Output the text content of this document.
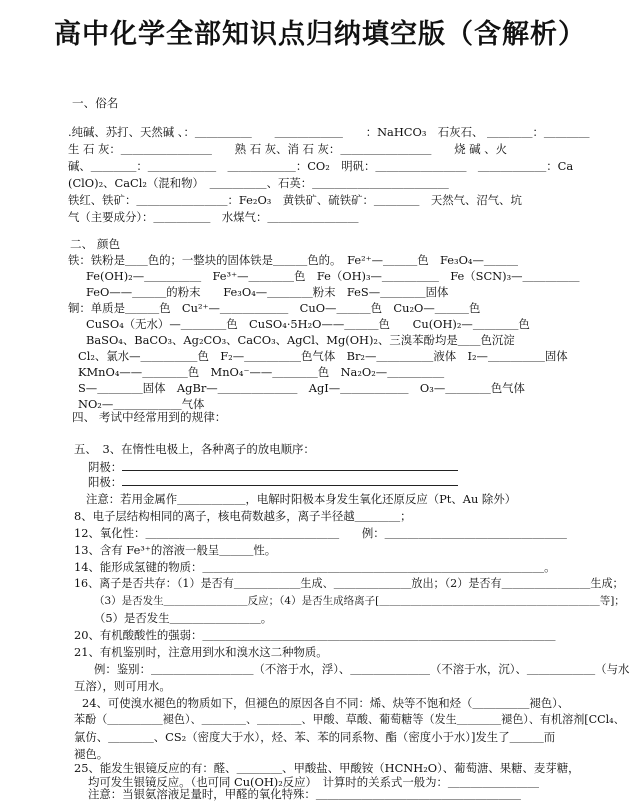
高中化学全部知识点归纳填空版（含解析）
一、俗名
.纯碱、苏打、天然碱 、：＿＿＿＿＿　　＿＿＿＿＿＿　　：NaHCO₃　石灰石、 ＿＿＿＿：＿＿＿＿
生 石 灰：＿＿＿＿＿＿＿＿　　熟 石 灰、消 石 灰：＿＿＿＿＿＿＿＿　　烧 碱 、火
碱、＿＿＿＿：＿＿＿＿＿＿　＿＿＿＿＿＿：CO₂　明矾：＿＿＿＿＿＿＿＿　＿＿＿＿＿＿：Ca
(ClO)₂、CaCl₂（混和物）　＿＿＿＿＿、石英：＿＿＿＿＿＿＿＿＿＿＿＿
铁红、铁矿：＿＿＿＿＿＿＿＿：Fe₂O₃　黄铁矿、硫铁矿：＿＿＿＿　天然气、沼气、坑
气（主要成分）：＿＿＿＿＿　水煤气：＿＿＿＿＿＿＿＿
二、 颜色
铁：铁粉是＿＿色的；一整块的固体铁是＿＿＿色的。　Fe²⁺—＿＿＿色　Fe₃O₄—＿＿＿
Fe(OH)₂—＿＿＿＿＿　Fe³⁺—＿＿＿＿色　Fe（OH)₃—＿＿＿＿＿　Fe（SCN)₃—＿＿＿＿＿
FeO——＿＿＿的粉末　　Fe₃O₄—＿＿＿＿粉末　FeS—＿＿＿＿固体
铜：单质是＿＿＿色　Cu²⁺—＿＿＿＿＿＿　CuO—＿＿＿色　Cu₂O—＿＿＿色
CuSO₄（无水）—＿＿＿＿色　CuSO₄·5H₂O——＿＿＿色　　Cu(OH)₂—＿＿＿＿色
BaSO₄、BaCO₃、Ag₂CO₃、CaCO₃、AgCl、Mg(OH)₂、三溴苯酚均是＿＿色沉淀
Cl₂、氯水—＿＿＿＿＿色　F₂—＿＿＿＿＿色气体　Br₂—＿＿＿＿＿液体　I₂—＿＿＿＿＿固体
KMnO₄——＿＿＿＿色　MnO₄⁻——＿＿＿＿色　Na₂O₂—＿＿＿＿＿
S—＿＿＿＿固体　AgBr—＿＿＿＿＿＿＿　AgI—＿＿＿＿＿＿　O₃—＿＿＿＿色气体
NO₂—＿＿＿＿＿＿气体
四、 考试中经常用到的规律：
五、　3、在惰性电极上，各种离子的放电顺序：
阴极：
阳极：
注意：若用金属作＿＿＿＿＿＿，电解时阳极本身发生氧化还原反应（Pt、Au 除外）
8、电子层结构相同的离子，核电荷数越多，离子半径越＿＿＿＿；
12、氧化性：＿＿＿＿＿＿＿＿＿＿＿＿＿＿＿＿＿　　例：＿＿＿＿＿＿＿＿＿＿＿＿＿＿＿＿
13、含有 Fe³⁺的溶液一般呈＿＿＿性。
14、能形成氢键的物质：＿＿＿＿＿＿＿＿＿＿＿＿＿＿＿＿＿＿＿＿＿＿＿＿＿＿＿＿＿＿。
16、离子是否共存：（1）是否有＿＿＿＿＿＿生成、＿＿＿＿＿＿＿放出；（2）是否有＿＿＿＿＿＿＿＿生成；
（3）是否发生＿＿＿＿＿＿＿＿反应；（4）是否生成络离子[＿＿＿＿＿＿＿＿＿＿＿＿＿＿＿＿＿＿＿＿＿等]；
（5）是否发生＿＿＿＿＿＿＿＿。
20、有机酸酸性的强弱：＿＿＿＿＿＿＿＿＿＿＿＿＿＿＿＿＿＿＿＿＿＿＿＿＿＿＿＿＿＿＿
21、有机鉴别时，注意用到水和溴水这二种物质。
例：鉴别：＿＿＿＿＿＿＿＿＿（不溶于水，浮）、＿＿＿＿＿＿＿（不溶于水，沉）、＿＿＿＿＿＿（与水
互溶），则可用水。
24、可使溴水褪色的物质如下，但褪色的原因各自不同：烯、炔等不饱和烃（＿＿＿＿＿褪色）、
苯酚（＿＿＿＿＿褪色）、＿＿＿＿、＿＿＿＿、甲酸、草酸、葡萄糖等（发生＿＿＿＿褪色）、有机溶剂[CCl₄、
氯仿、＿＿＿＿、CS₂（密度大于水），烃、苯、苯的同系物、酯（密度小于水）]发生了＿＿＿而
褪色。
25、能发生银镜反应的有：醛、＿＿＿＿、甲酸盐、甲酸铵（HCNH₂O）、葡萄溏、果糖、麦芽糖，
均可发生银镜反应。（也可同 Cu(OH)₂反应）　计算时的关系式一般为：＿＿＿＿＿＿＿＿
注意：当银氨溶液足量时，甲醛的氧化特殊：＿＿＿＿＿＿＿＿＿＿＿＿＿＿＿＿＿＿
